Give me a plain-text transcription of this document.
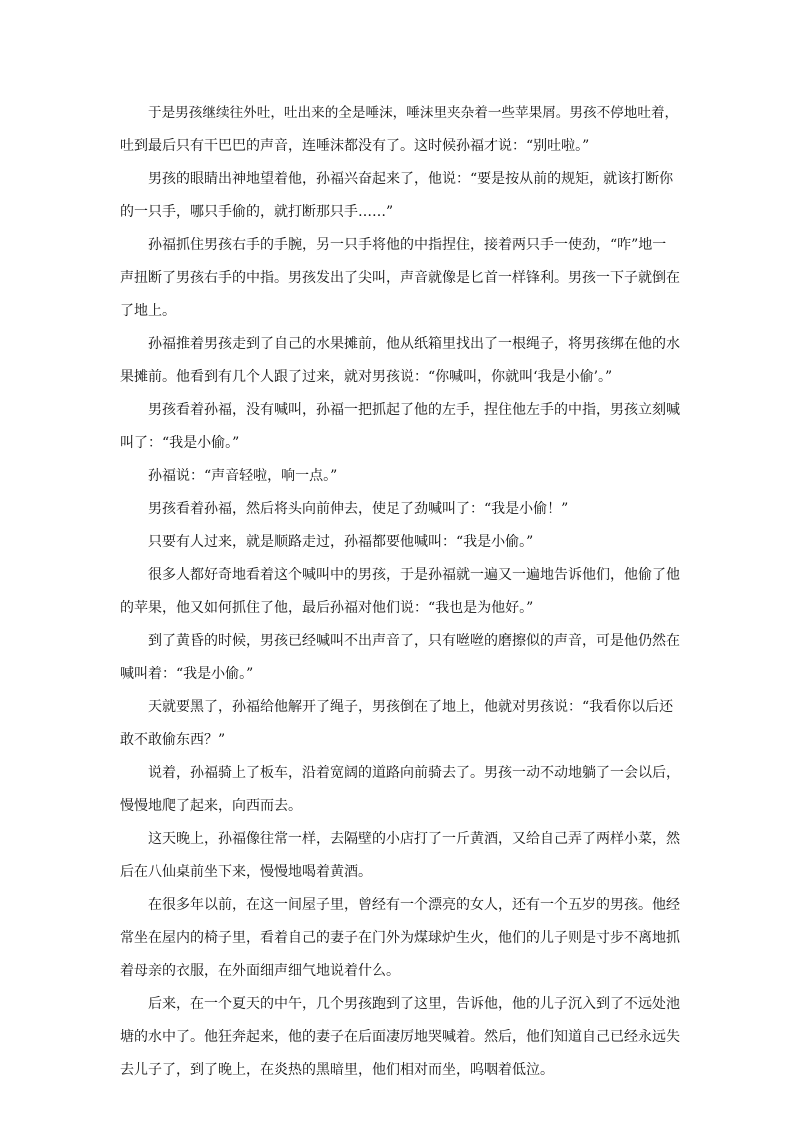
于是男孩继续往外吐，吐出来的全是唾沫，唾沫里夹杂着一些苹果屑。男孩不停地吐着，
吐到最后只有干巴巴的声音，连唾沫都没有了。这时候孙福才说：“别吐啦。”
男孩的眼睛出神地望着他，孙福兴奋起来了，他说：“要是按从前的规矩，就该打断你
的一只手，哪只手偷的，就打断那只手……”
孙福抓住男孩右手的手腕，另一只手将他的中指捏住，接着两只手一使劲，“咋”地一
声扭断了男孩右手的中指。男孩发出了尖叫，声音就像是匕首一样锋利。男孩一下子就倒在
了地上。
孙福推着男孩走到了自己的水果摊前，他从纸箱里找出了一根绳子，将男孩绑在他的水
果摊前。他看到有几个人跟了过来，就对男孩说：“你喊叫，你就叫‘我是小偷’。”
男孩看着孙福，没有喊叫，孙福一把抓起了他的左手，捏住他左手的中指，男孩立刻喊
叫了：“我是小偷。”
孙福说：“声音轻啦，响一点。”
男孩看着孙福，然后将头向前伸去，使足了劲喊叫了：“我是小偷！”
只要有人过来，就是顺路走过，孙福都要他喊叫：“我是小偷。”
很多人都好奇地看着这个喊叫中的男孩，于是孙福就一遍又一遍地告诉他们，他偷了他
的苹果，他又如何抓住了他，最后孙福对他们说：“我也是为他好。”
到了黄昏的时候，男孩已经喊叫不出声音了，只有咝咝的磨擦似的声音，可是他仍然在
喊叫着：“我是小偷。”
天就要黑了，孙福给他解开了绳子，男孩倒在了地上，他就对男孩说：“我看你以后还
敢不敢偷东西？”
说着，孙福骑上了板车，沿着宽阔的道路向前骑去了。男孩一动不动地躺了一会以后，
慢慢地爬了起来，向西而去。
这天晚上，孙福像往常一样，去隔壁的小店打了一斤黄酒，又给自己弄了两样小菜，然
后在八仙桌前坐下来，慢慢地喝着黄酒。
在很多年以前，在这一间屋子里，曾经有一个漂亮的女人，还有一个五岁的男孩。他经
常坐在屋内的椅子里，看着自己的妻子在门外为煤球炉生火，他们的儿子则是寸步不离地抓
着母亲的衣服，在外面细声细气地说着什么。
后来，在一个夏天的中午，几个男孩跑到了这里，告诉他，他的儿子沉入到了不远处池
塘的水中了。他狂奔起来，他的妻子在后面凄厉地哭喊着。然后，他们知道自己已经永远失
去儿子了，到了晚上，在炎热的黑暗里，他们相对而坐，呜咽着低泣。
